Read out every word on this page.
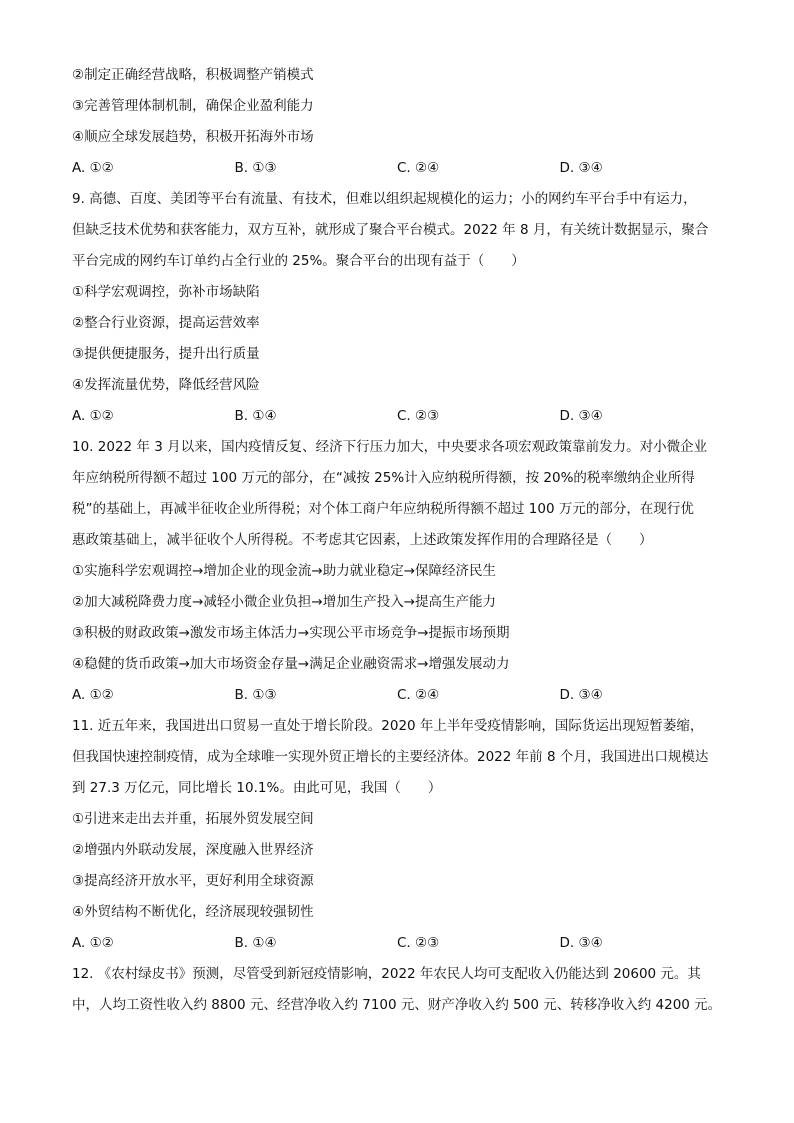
②制定正确经营战略，积极调整产销模式
③完善管理体制机制，确保企业盈利能力
④顺应全球发展趋势，积极开拓海外市场
A. ①②	B. ①③	C. ②④	D. ③④
9. 高德、百度、美团等平台有流量、有技术，但难以组织起规模化的运力；小的网约车平台手中有运力，
但缺乏技术优势和获客能力，双方互补，就形成了聚合平台模式。2022 年 8 月，有关统计数据显示，聚合
平台完成的网约车订单约占全行业的 25%。聚合平台的出现有益于（　　）
①科学宏观调控，弥补市场缺陷
②整合行业资源，提高运营效率
③提供便捷服务，提升出行质量
④发挥流量优势，降低经营风险
A. ①②	B. ①④	C. ②③	D. ③④
10. 2022 年 3 月以来，国内疫情反复、经济下行压力加大，中央要求各项宏观政策靠前发力。对小微企业
年应纳税所得额不超过 100 万元的部分，在“减按 25%计入应纳税所得额，按 20%的税率缴纳企业所得
税”的基础上，再减半征收企业所得税；对个体工商户年应纳税所得额不超过 100 万元的部分，在现行优
惠政策基础上，减半征收个人所得税。不考虑其它因素，上述政策发挥作用的合理路径是（　　）
①实施科学宏观调控→增加企业的现金流→助力就业稳定→保障经济民生
②加大减税降费力度→减轻小微企业负担→增加生产投入→提高生产能力
③积极的财政政策→激发市场主体活力→实现公平市场竞争→提振市场预期
④稳健的货币政策→加大市场资金存量→满足企业融资需求→增强发展动力
A. ①②	B. ①③	C. ②④	D. ③④
11. 近五年来，我国进出口贸易一直处于增长阶段。2020 年上半年受疫情影响，国际货运出现短暂萎缩，
但我国快速控制疫情，成为全球唯一实现外贸正增长的主要经济体。2022 年前 8 个月，我国进出口规模达
到 27.3 万亿元，同比增长 10.1%。由此可见，我国（　　）
①引进来走出去并重，拓展外贸发展空间
②增强内外联动发展，深度融入世界经济
③提高经济开放水平，更好利用全球资源
④外贸结构不断优化，经济展现较强韧性
A. ①②	B. ①④	C. ②③	D. ③④
12. 《农村绿皮书》预测，尽管受到新冠疫情影响，2022 年农民人均可支配收入仍能达到 20600 元。其
中，人均工资性收入约 8800 元、经营净收入约 7100 元、财产净收入约 500 元、转移净收入约 4200 元。
